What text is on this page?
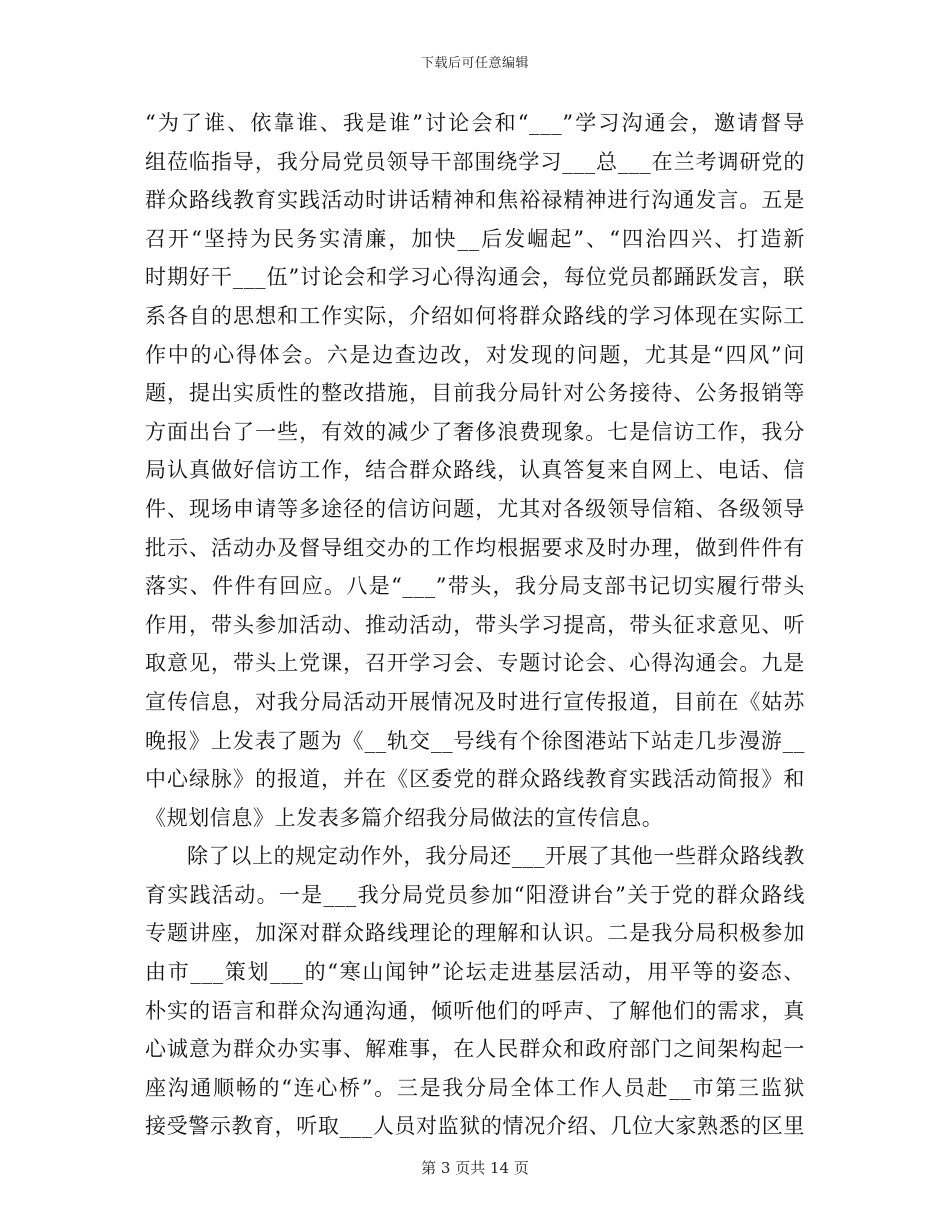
下载后可任意编辑
“为了谁、依靠谁、我是谁”讨论会和“___”学习沟通会，邀请督导
组莅临指导，我分局党员领导干部围绕学习___总___在兰考调研党的
群众路线教育实践活动时讲话精神和焦裕禄精神进行沟通发言。五是
召开“坚持为民务实清廉，加快__后发崛起”、“四治四兴、打造新
时期好干___伍”讨论会和学习心得沟通会，每位党员都踊跃发言，联
系各自的思想和工作实际，介绍如何将群众路线的学习体现在实际工
作中的心得体会。六是边查边改，对发现的问题，尤其是“四风”问
题，提出实质性的整改措施，目前我分局针对公务接待、公务报销等
方面出台了一些，有效的减少了奢侈浪费现象。七是信访工作，我分
局认真做好信访工作，结合群众路线，认真答复来自网上、电话、信
件、现场申请等多途径的信访问题，尤其对各级领导信箱、各级领导
批示、活动办及督导组交办的工作均根据要求及时办理，做到件件有
落实、件件有回应。八是“___”带头，我分局支部书记切实履行带头
作用，带头参加活动、推动活动，带头学习提高，带头征求意见、听
取意见，带头上党课，召开学习会、专题讨论会、心得沟通会。九是
宣传信息，对我分局活动开展情况及时进行宣传报道，目前在《姑苏
晚报》上发表了题为《__轨交__号线有个徐图港站下站走几步漫游__
中心绿脉》的报道，并在《区委党的群众路线教育实践活动简报》和
《规划信息》上发表多篇介绍我分局做法的宣传信息。
除了以上的规定动作外，我分局还___开展了其他一些群众路线教
育实践活动。一是___我分局党员参加“阳澄讲台”关于党的群众路线
专题讲座，加深对群众路线理论的理解和认识。二是我分局积极参加
由市___策划___的“寒山闻钟”论坛走进基层活动，用平等的姿态、
朴实的语言和群众沟通沟通，倾听他们的呼声、了解他们的需求，真
心诚意为群众办实事、解难事，在人民群众和政府部门之间架构起一
座沟通顺畅的“连心桥”。三是我分局全体工作人员赴__市第三监狱
接受警示教育，听取___人员对监狱的情况介绍、几位大家熟悉的区里
第 3 页共 14 页
